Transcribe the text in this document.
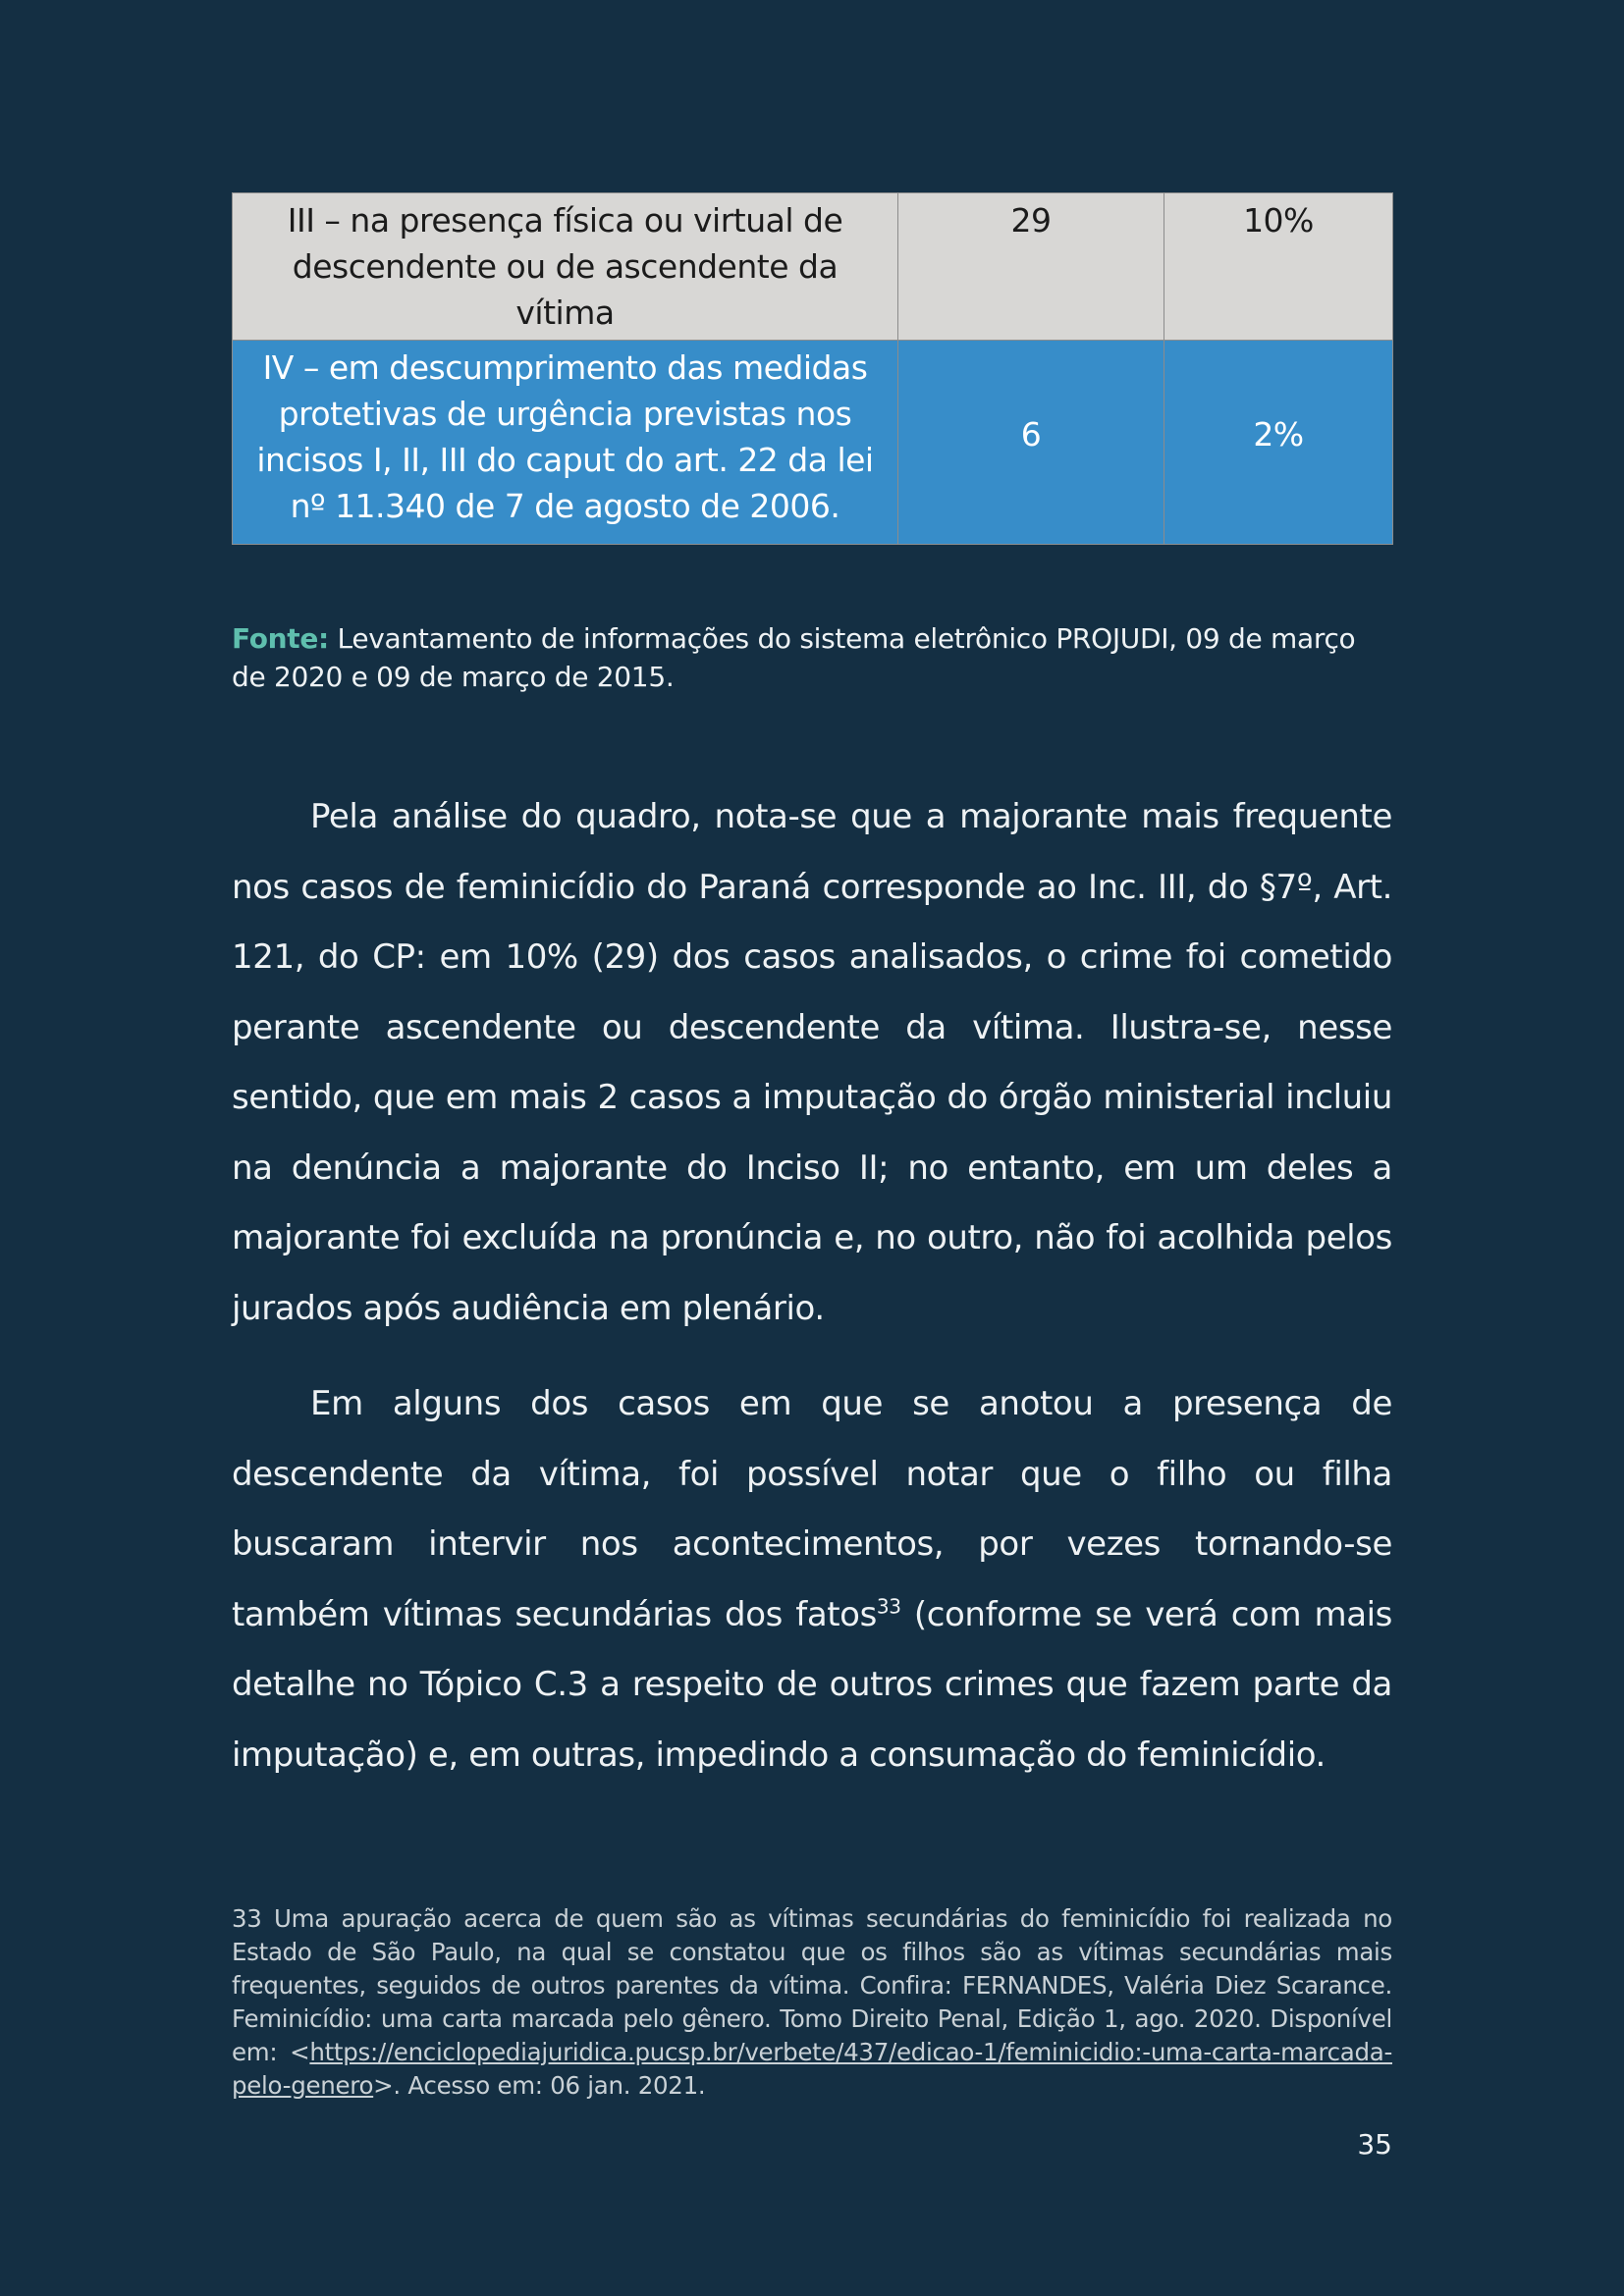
III – na presença física ou virtual de descendente ou de ascendente da vítima	29	10%
IV – em descumprimento das medidas protetivas de urgência previstas nos incisos I, II, III do caput do art. 22 da lei nº 11.340 de 7 de agosto de 2006.	6	2%
Fonte: Levantamento de informações do sistema eletrônico PROJUDI, 09 de março de 2020 e 09 de março de 2015.

Pela análise do quadro, nota-se que a majorante mais frequente nos casos de feminicídio do Paraná corresponde ao Inc. III, do §7º, Art. 121, do CP: em 10% (29) dos casos analisados, o crime foi cometido perante ascendente ou descendente da vítima. Ilustra-se, nesse sentido, que em mais 2 casos a imputação do órgão ministerial incluiu na denúncia a majorante do Inciso II; no entanto, em um deles a majorante foi excluída na pronúncia e, no outro, não foi acolhida pelos jurados após audiência em plenário.

Em alguns dos casos em que se anotou a presença de descendente da vítima, foi possível notar que o filho ou filha buscaram intervir nos acontecimentos, por vezes tornando-se também vítimas secundárias dos fatos$^{33}$ (conforme se verá com mais detalhe no Tópico C.3 a respeito de outros crimes que fazem parte da imputação) e, em outras, impedindo a consumação do feminicídio.

33 Uma apuração acerca de quem são as vítimas secundárias do feminicídio foi realizada no Estado de São Paulo, na qual se constatou que os filhos são as vítimas secundárias mais frequentes, seguidos de outros parentes da vítima. Confira: FERNANDES, Valéria Diez Scarance. Feminicídio: uma carta marcada pelo gênero. Tomo Direito Penal, Edição 1, ago. 2020. Disponível em: <https://enciclopediajuridica.pucsp.br/verbete/437/edicao-1/feminicidio:-uma-carta-marcada-pelo-genero>. Acesso em: 06 jan. 2021.
35
